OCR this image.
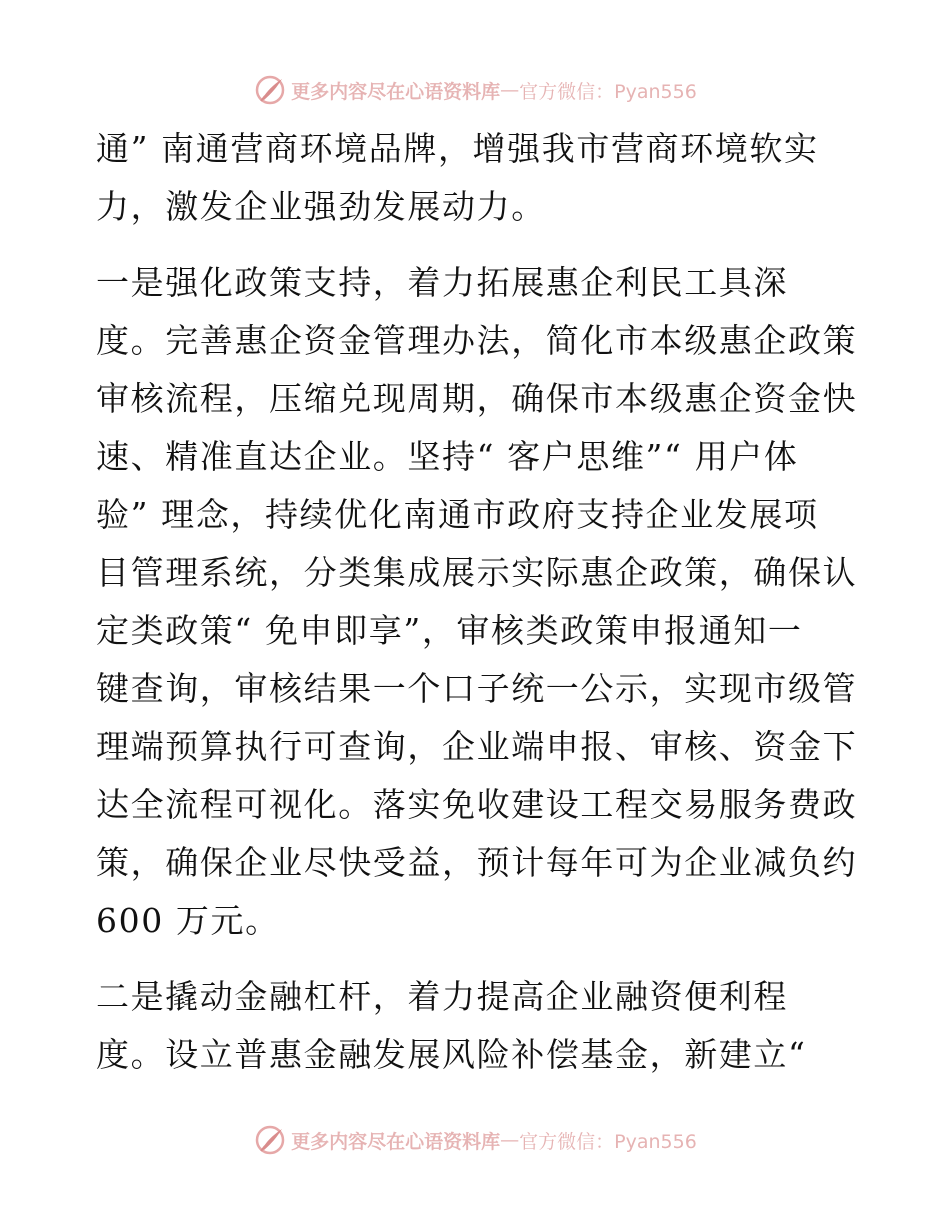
更多内容尽在心语资料库 — 官方微信：Pyan556
通” 南通营商环境品牌，增强我市营商环境软实
力，激发企业强劲发展动力。
一是强化政策支持，着力拓展惠企利民工具深
度。完善惠企资金管理办法，简化市本级惠企政策
审核流程，压缩兑现周期，确保市本级惠企资金快
速、精准直达企业。坚持“ 客户思维”“ 用户体
验” 理念，持续优化南通市政府支持企业发展项
目管理系统，分类集成展示实际惠企政策，确保认
定类政策“ 免申即享”，审核类政策申报通知一
键查询，审核结果一个口子统一公示，实现市级管
理端预算执行可查询，企业端申报、审核、资金下
达全流程可视化。落实免收建设工程交易服务费政
策，确保企业尽快受益，预计每年可为企业减负约
600 万元。
二是撬动金融杠杆，着力提高企业融资便利程
度。设立普惠金融发展风险补偿基金，新建立“
更多内容尽在心语资料库 — 官方微信：Pyan556
